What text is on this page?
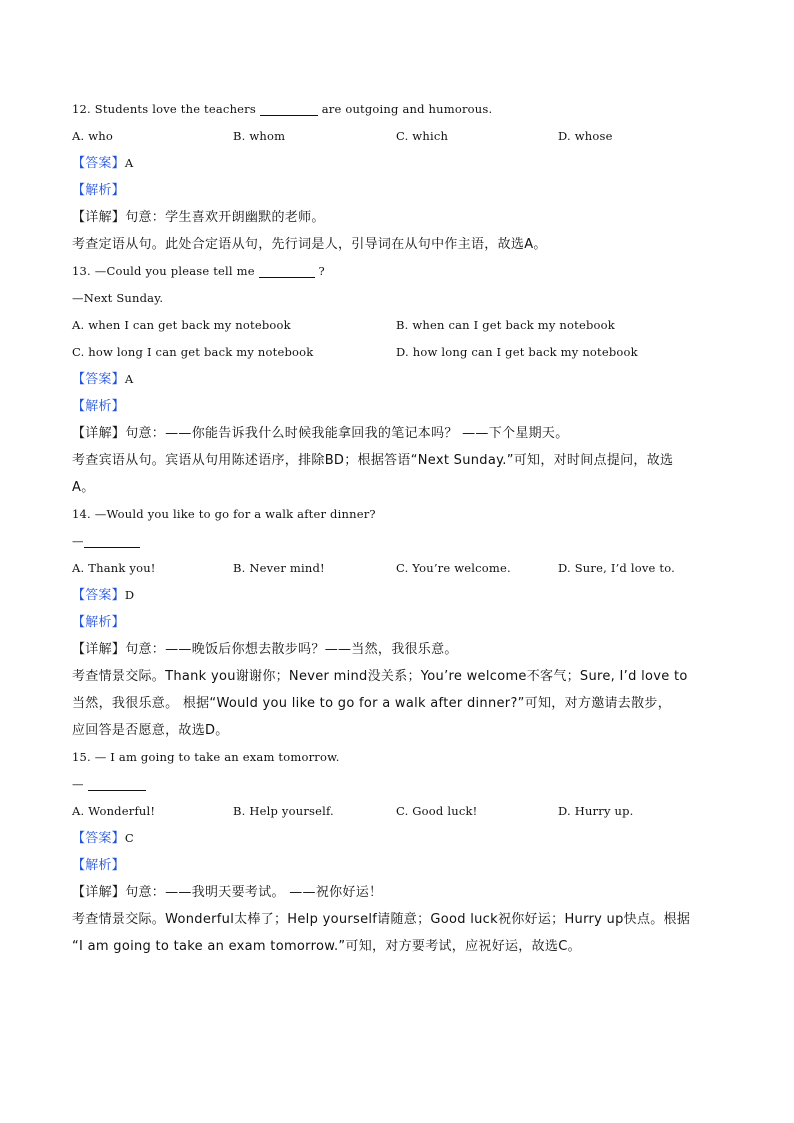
12. Students love the teachers	are outgoing and humorous.
A. who	B. whom	C. which	D. whose
【答案】A
【解析】
【详解】句意：学生喜欢开朗幽默的老师。
考查定语从句。此处合定语从句，先行词是人，引导词在从句中作主语，故选A。
13. —Could you please tell me	?
—Next Sunday.
A. when I can get back my notebook	B. when can I get back my notebook
C. how long I can get back my notebook	D. how long can I get back my notebook
【答案】A
【解析】
【详解】句意：——你能告诉我什么时候我能拿回我的笔记本吗？ ——下个星期天。
考查宾语从句。宾语从句用陈述语序，排除BD；根据答语“Next Sunday.”可知，对时间点提问，故选
A。
14. —Would you like to go for a walk after dinner?
—
A. Thank you!	B. Never mind!	C. You’re welcome.	D. Sure, I’d love to.
【答案】D
【解析】
【详解】句意：——晚饭后你想去散步吗？——当然，我很乐意。
考查情景交际。Thank you谢谢你；Never mind没关系；You’re welcome不客气；Sure, I’d love to
当然，我很乐意。 根据“Would you like to go for a walk after dinner?”可知，对方邀请去散步，
应回答是否愿意，故选D。
15. — I am going to take an exam tomorrow.
—
A. Wonderful!	B. Help yourself.	C. Good luck!	D. Hurry up.
【答案】C
【解析】
【详解】句意：——我明天要考试。 ——祝你好运！
考查情景交际。Wonderful太棒了；Help yourself请随意；Good luck祝你好运；Hurry up快点。根据
“I am going to take an exam tomorrow.”可知，对方要考试，应祝好运，故选C。
